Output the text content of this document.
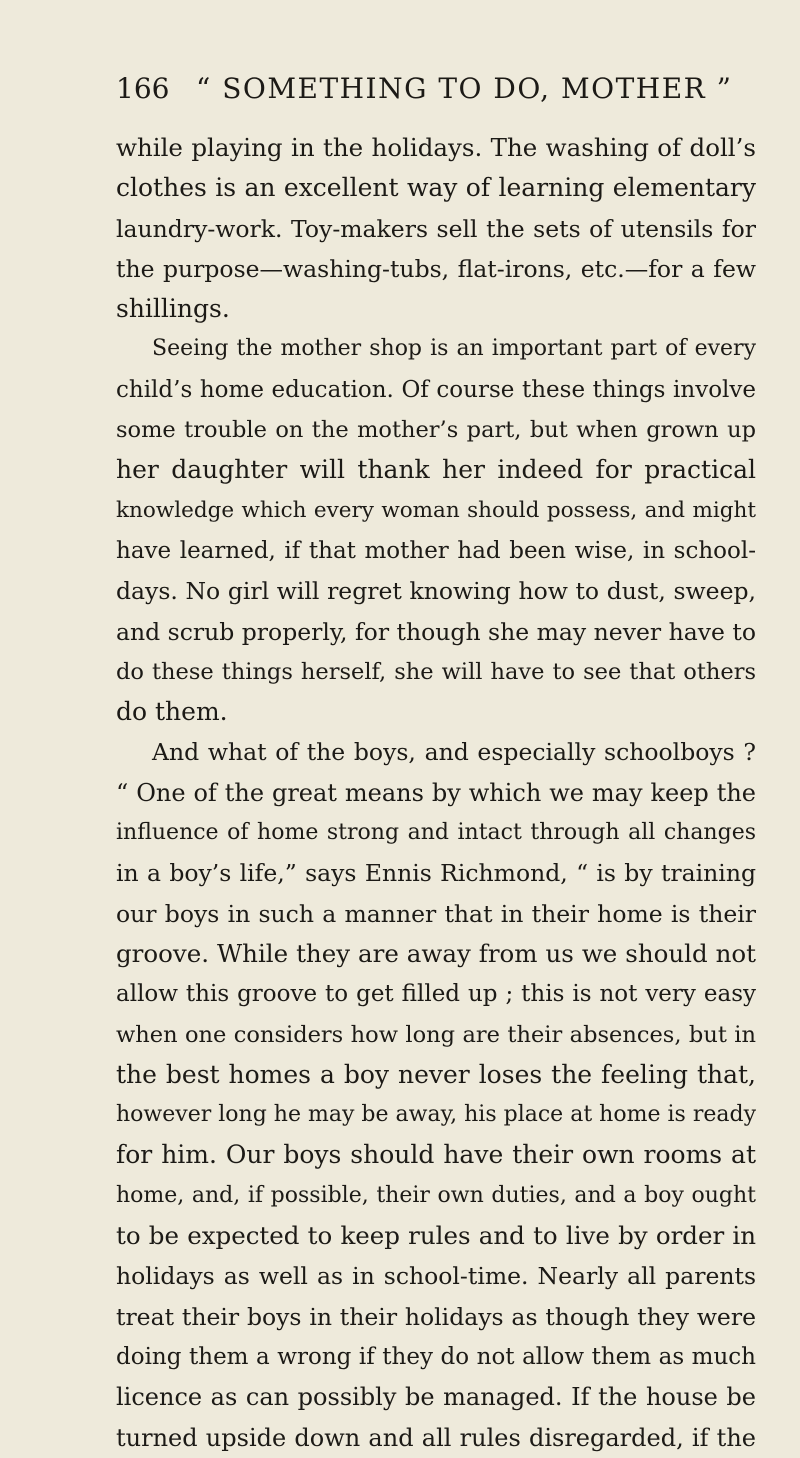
166 “ SOMETHING TO DO, MOTHER ”
while playing in the holidays. The washing of doll’s
clothes is an excellent way of learning elementary
laundry-work. Toy-makers sell the sets of utensils for
the purpose—washing-tubs, flat-irons, etc.—for a few
shillings.
Seeing the mother shop is an important part of every
child’s home education. Of course these things involve
some trouble on the mother’s part, but when grown up
her daughter will thank her indeed for practical
knowledge which every woman should possess, and might
have learned, if that mother had been wise, in school-
days. No girl will regret knowing how to dust, sweep,
and scrub properly, for though she may never have to
do these things herself, she will have to see that others
do them.
And what of the boys, and especially schoolboys ?
“ One of the great means by which we may keep the
influence of home strong and intact through all changes
in a boy’s life,” says Ennis Richmond, “ is by training
our boys in such a manner that in their home is their
groove. While they are away from us we should not
allow this groove to get filled up ; this is not very easy
when one considers how long are their absences, but in
the best homes a boy never loses the feeling that,
however long he may be away, his place at home is ready
for him. Our boys should have their own rooms at
home, and, if possible, their own duties, and a boy ought
to be expected to keep rules and to live by order in
holidays as well as in school-time. Nearly all parents
treat their boys in their holidays as though they were
doing them a wrong if they do not allow them as much
licence as can possibly be managed. If the house be
turned upside down and all rules disregarded, if the
